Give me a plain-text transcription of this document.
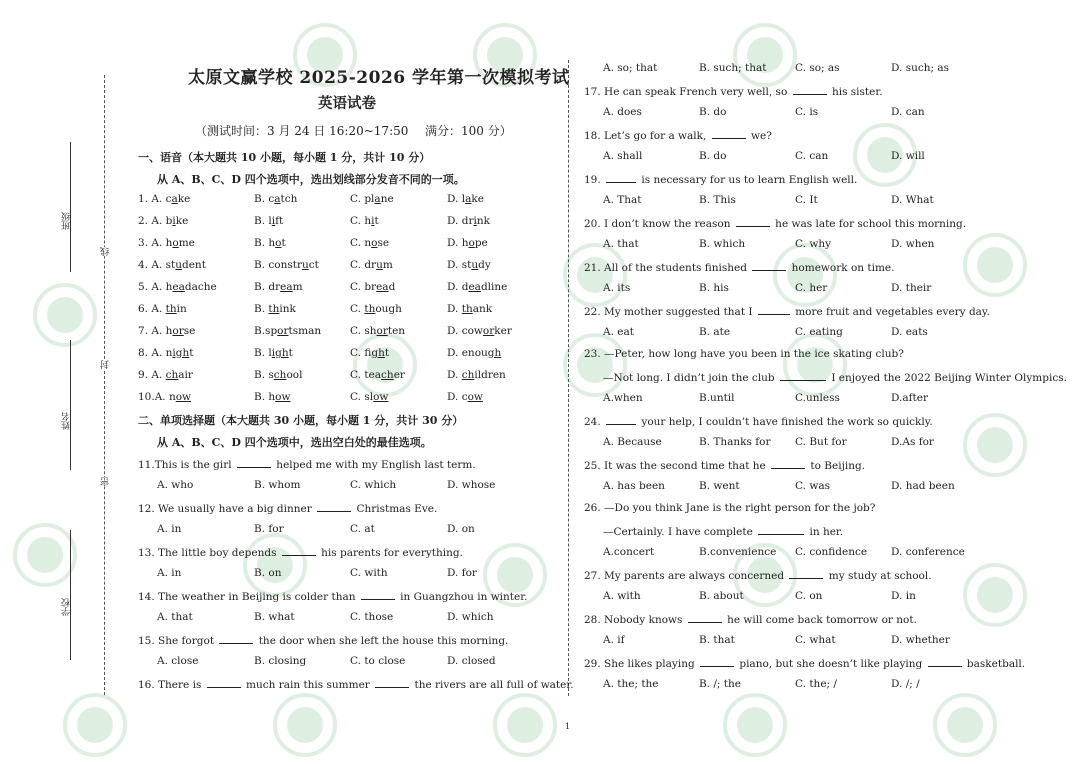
班级
姓名
学校
线
封
密
太原文赢学校 2025-2026 学年第一次模拟考试
英语试卷
（测试时间：3 月 24 日 16:20~17:50 满分：100 分）
一、语音（本大题共 10 小题，每小题 1 分，共计 10 分）
从 A、B、C、D 四个选项中，选出划线部分发音不同的一项。
1. A. cake	B. catch	C. plane	D. lake
2. A. bike	B. lift	C. hit	D. drink
3. A. home	B. hot	C. nose	D. hope
4. A. student	B. construct	C. drum	D. study
5. A. headache	B. dream	C. bread	D. deadline
6. A. thin	B. think	C. though	D. thank
7. A. horse	B.sportsman	C. shorten	D. coworker
8. A. night	B. light	C. fight	D. enough
9. A. chair	B. school	C. teacher	D. children
10.A. now	B. how	C. slow	D. cow
二、单项选择题（本大题共 30 小题，每小题 1 分，共计 30 分）
从 A、B、C、D 四个选项中，选出空白处的最佳选项。
11.This is the girl	helped me with my English last term.
A. who	B. whom	C. which	D. whose
12. We usually have a big dinner	Christmas Eve.
A. in	B. for	C. at	D. on
13. The little boy depends	his parents for everything.
A. in	B. on	C. with	D. for
14. The weather in Beijing is colder than	in Guangzhou in winter.
A. that	B. what	C. those	D. which
15. She forgot	the door when she left the house this morning.
A. close	B. closing	C. to close	D. closed
16. There is	much rain this summer	the rivers are all full of water.
A. so; that	B. such; that	C. so; as	D. such; as
17. He can speak French very well, so	his sister.
A. does	B. do	C. is	D. can
18. Let’s go for a walk,	we?
A. shall	B. do	C. can	D. will
19.	is necessary for us to learn English well.
A. That	B. This	C. It	D. What
20. I don’t know the reason	he was late for school this morning.
A. that	B. which	C. why	D. when
21. All of the students finished	homework on time.
A. its	B. his	C. her	D. their
22. My mother suggested that I	more fruit and vegetables every day.
A. eat	B. ate	C. eating	D. eats
23. —Peter, how long have you been in the ice skating club?
—Not long. I didn’t join the club	I enjoyed the 2022 Beijing Winter Olympics.
A.when	B.until	C.unless	D.after
24.	your help, I couldn’t have finished the work so quickly.
A. Because	B. Thanks for C. But for	D.As for
25. It was the second time that he	to Beijing.
A. has been	B. went	C. was	D. had been
26. —Do you think Jane is the right person for the job?
—Certainly. I have complete	in her.
A.concert	B.convenience C. confidence D. conference
27. My parents are always concerned	my study at school.
A. with	B. about	C. on	D. in
28. Nobody knows	he will come back tomorrow or not.
A. if	B. that	C. what	D. whether
29. She likes playing	piano, but she doesn’t like playing	basketball.
A. the; the	B. /; the	C. the; /	D. /; /
1
